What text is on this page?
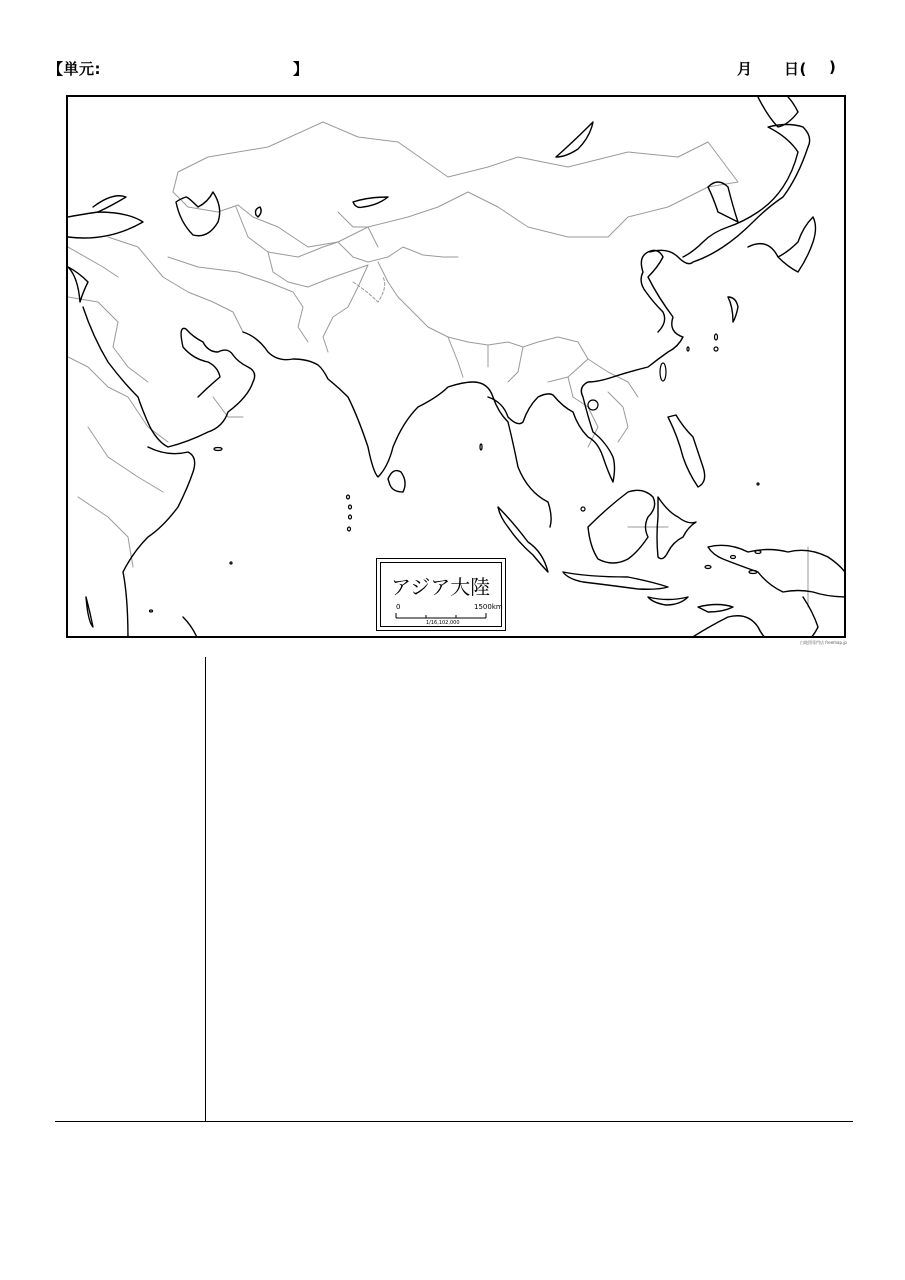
【単元:	】	月 日( )
アジア大陸
0	1500km
1/16,102,000
白地図専門店 freemap.jp
